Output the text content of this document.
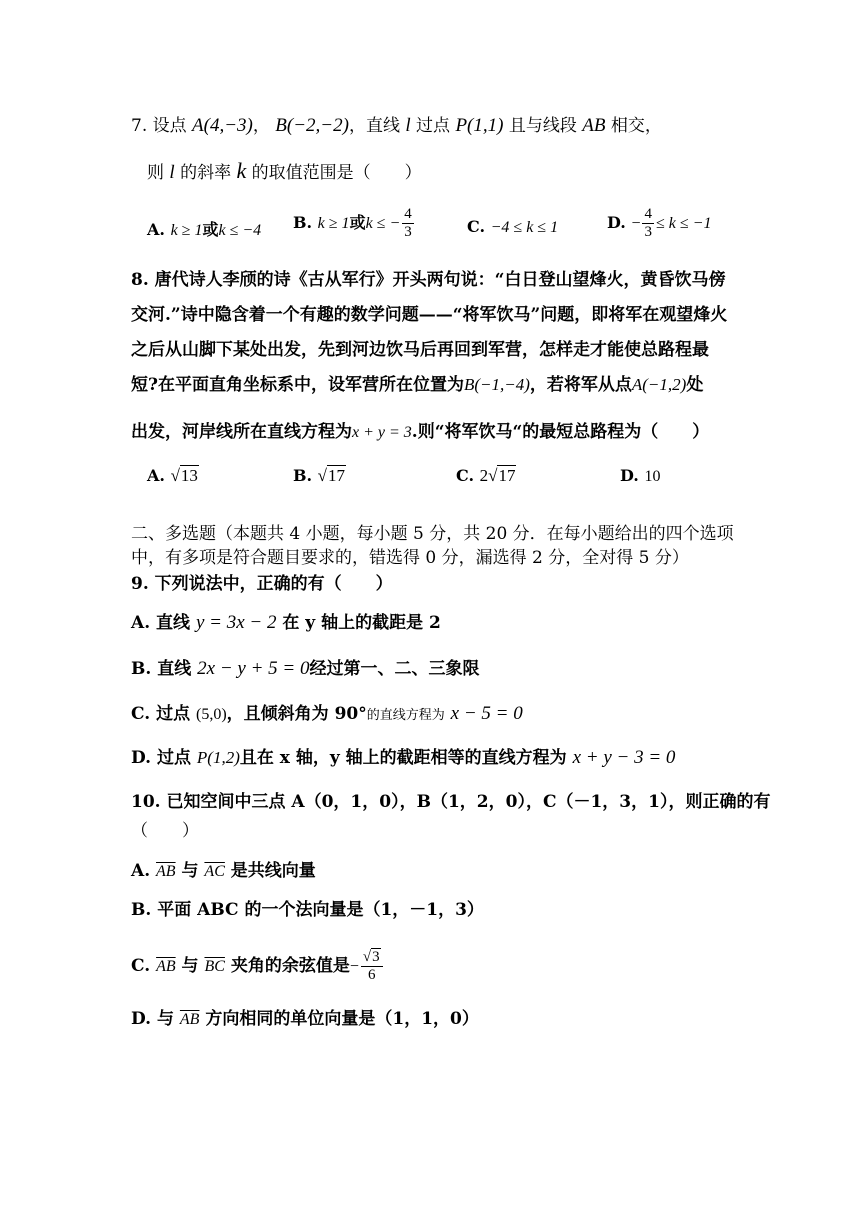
7. 设点 A(4,−3)， B(−2,−2)，直线 l 过点 P(1,1) 且与线段 AB 相交，
则 l 的斜率 k 的取值范围是（　　）
A. k ≥ 1或k ≤ −4 B. k ≥ 1或k ≤ − $\frac{4}{3}$	C. −4 ≤ k ≤ 1	D. − $\frac{4}{3} \le k \le -1$
8. 唐代诗人李颀的诗《古从军行》开头两句说：“白日登山望烽火，黄昏饮马傍
交河.”诗中隐含着一个有趣的数学问题——“将军饮马”问题，即将军在观望烽火
之后从山脚下某处出发，先到河边饮马后再回到军营，怎样走才能使总路程最
短?在平面直角坐标系中，设军营所在位置为B(−1,−4)，若将军从点A(−1,2)处
出发，河岸线所在直线方程为x + y = 3.则“将军饮马“的最短总路程为（　　）
A. √13	B. √17	C. 2√17	D. 10
二、多选题（本题共 4 小题，每小题 5 分，共 20 分．在每小题给出的四个选项
中，有多项是符合题目要求的，错选得 0 分，漏选得 2 分，全对得 5 分）
9. 下列说法中，正确的有（　　）
A. 直线 y = 3x − 2 在 y 轴上的截距是 2
B. 直线 2x − y + 5 = 0经过第一、二、三象限
C. 过点 (5,0)，且倾斜角为 90°的直线方程为 x − 5 = 0
D. 过点 P(1,2)且在 x 轴，y 轴上的截距相等的直线方程为 x + y − 3 = 0
10. 已知空间中三点 A（0，1，0），B（1，2，0），C（－1，3，1），则正确的有
（　　）
A. $\overline{AB}$ 与 $\overline{AC}$ 是共线向量
B. 平面 ABC 的一个法向量是（1，－1，3）
C. $\overline{AB}$ 与 $\overline{BC}$ 夹角的余弦值是− $\frac{√3}{6}$
D. 与 $\overline{AB}$ 方向相同的单位向量是（1，1，0）
